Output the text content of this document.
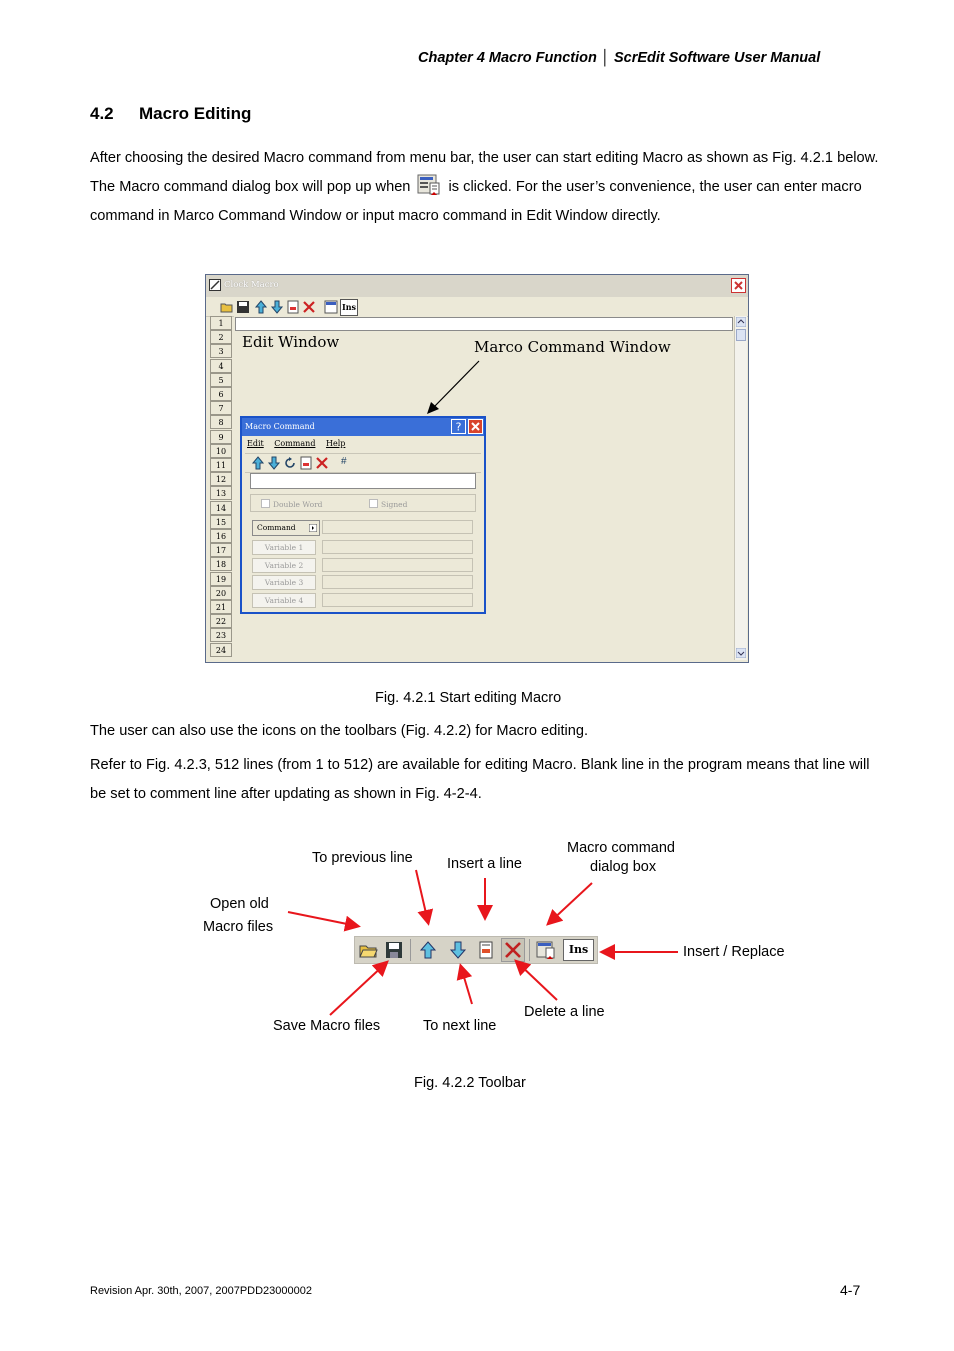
Chapter 4 Macro Function │ ScrEdit Software User Manual
4.2 Macro Editing
After choosing the desired Macro command from menu bar, the user can start editing Macro as shown as Fig. 4.2.1 below. The Macro command dialog box will pop up when	is clicked. For the user’s convenience, the user can enter macro command in Marco Command Window or input macro command in Edit Window directly.
Clock Macro
Ins
1
2
3
4
5
6
7
8
9
10
11
12
13
14
15
16
17
18
19
20
21
22
23
24
Edit Window	Marco Command Window
Macro Command	?
Edit Command Help
#
Double Word	Signed
Command
Variable 1
Variable 2
Variable 3
Variable 4
Fig. 4.2.1 Start editing Macro
The user can also use the icons on the toolbars (Fig. 4.2.2) for Macro editing.
Refer to Fig. 4.2.3, 512 lines (from 1 to 512) are available for editing Macro. Blank line in the program means that line will be set to comment line after updating as shown in Fig. 4-2-4.
Open old
Macro files
To previous line Insert a line
Macro command
dialog box
Insert / Replace
Save Macro files	To next line
Delete a line
Ins
Fig. 4.2.2 Toolbar
Revision Apr. 30th, 2007, 2007PDD23000002	4-7
